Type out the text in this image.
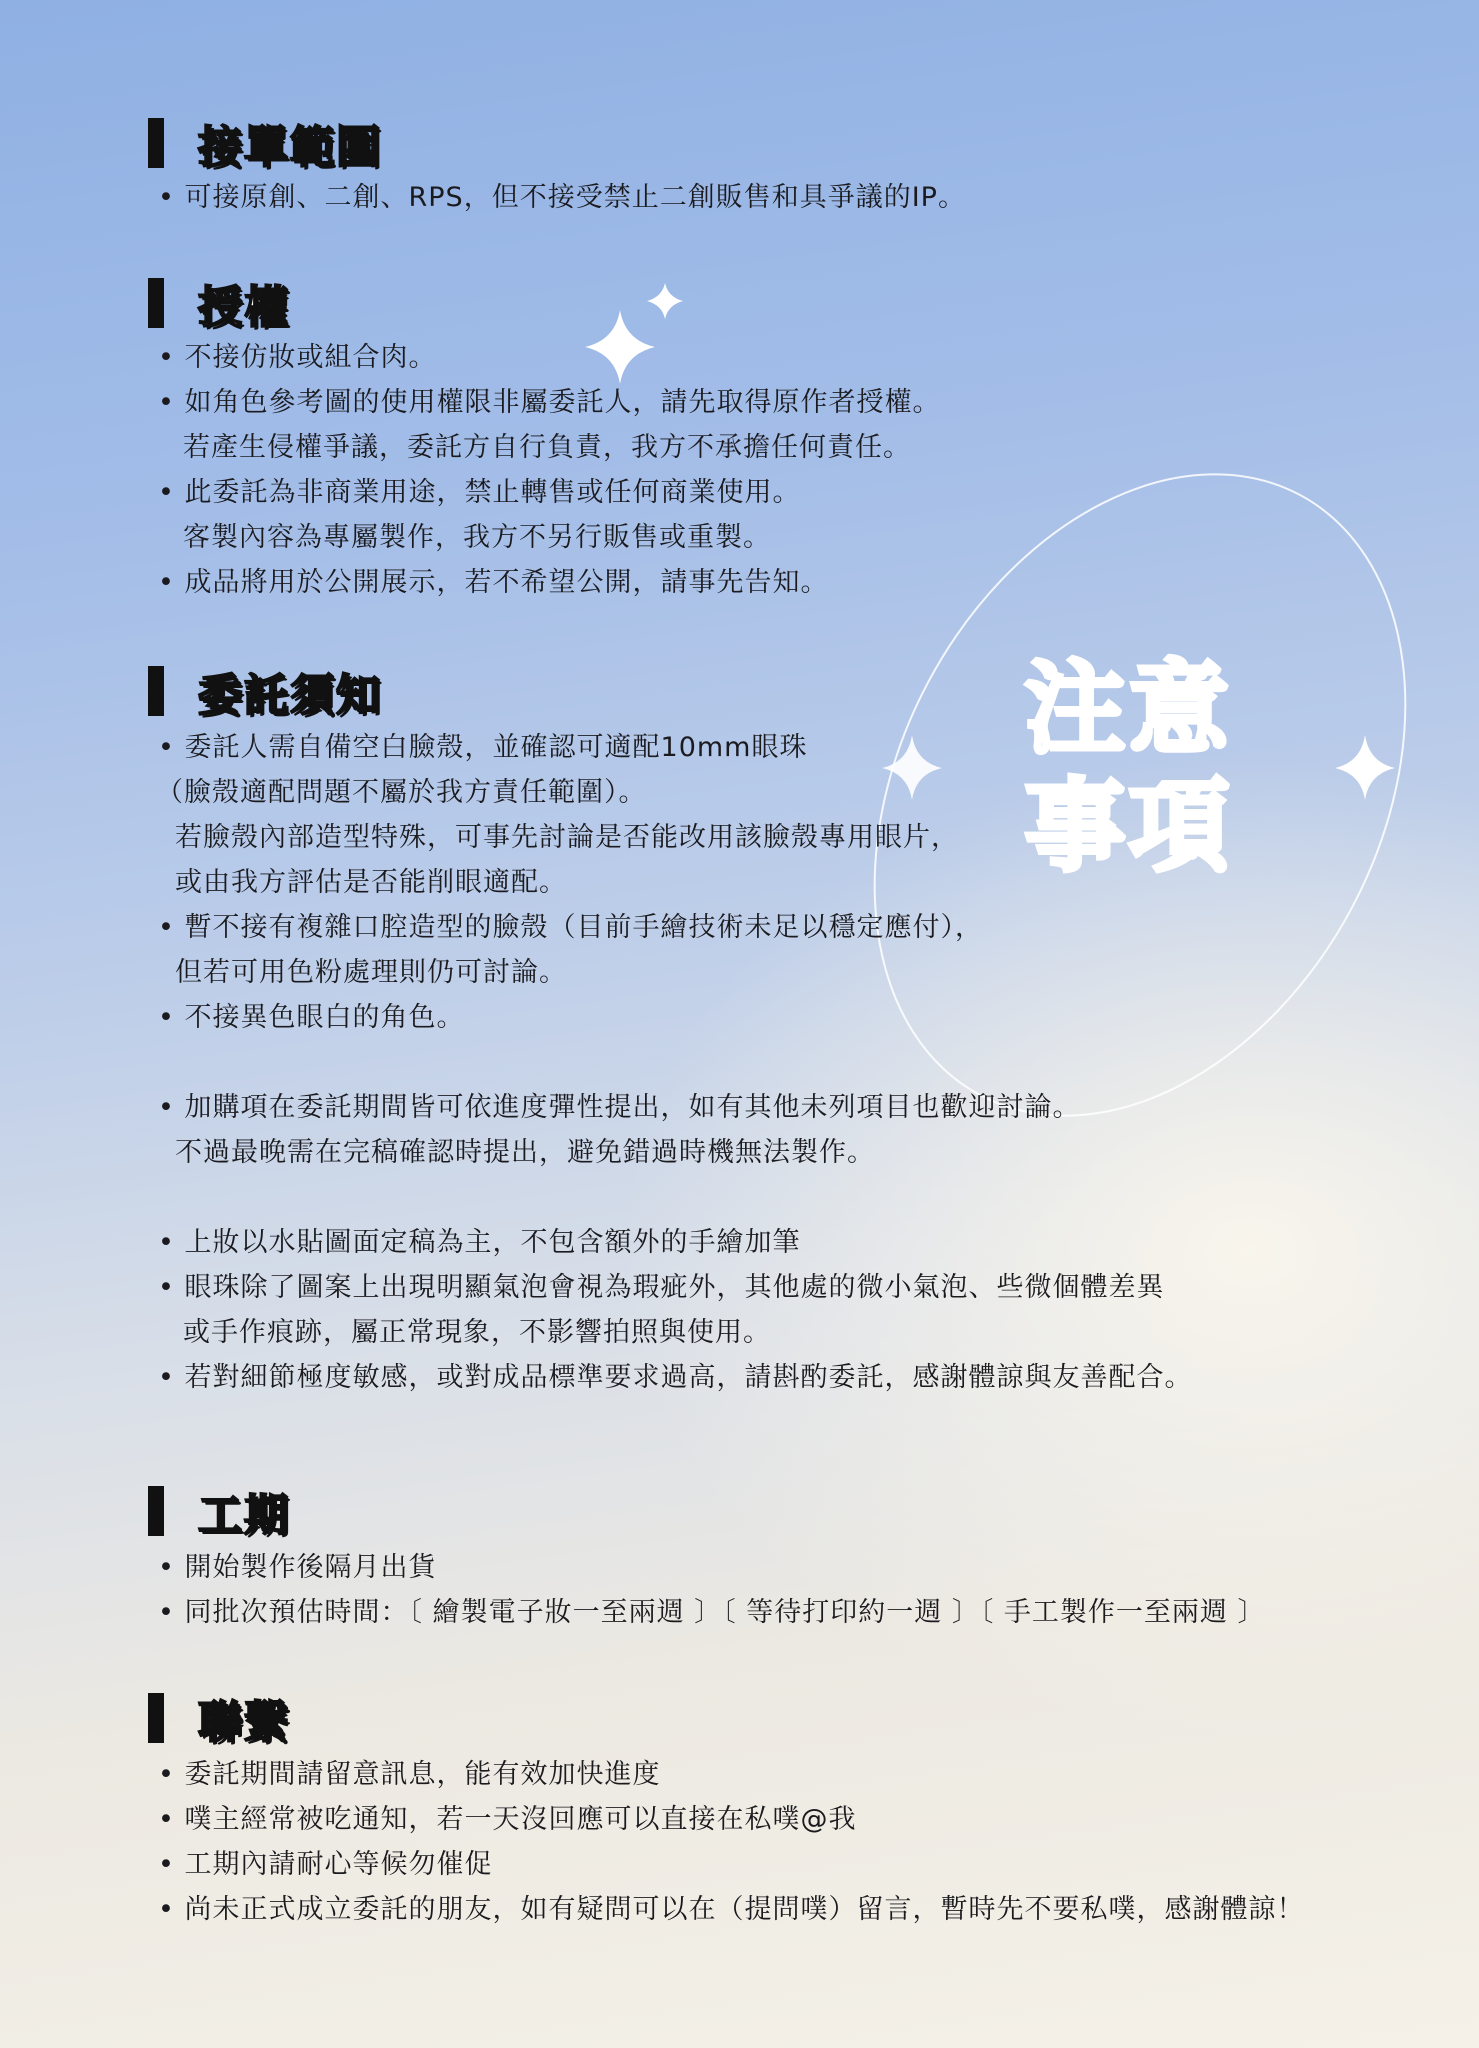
注意
事項
接單範圍
• 可接原創、二創、RPS，但不接受禁止二創販售和具爭議的IP。
授權
• 不接仿妝或組合肉。
• 如角色參考圖的使用權限非屬委託人，請先取得原作者授權。
若產生侵權爭議，委託方自行負責，我方不承擔任何責任。
• 此委託為非商業用途，禁止轉售或任何商業使用。
客製內容為專屬製作，我方不另行販售或重製。
• 成品將用於公開展示，若不希望公開，請事先告知。
委託須知
• 委託人需自備空白臉殼，並確認可適配10mm眼珠
（臉殼適配問題不屬於我方責任範圍）。
若臉殼內部造型特殊，可事先討論是否能改用該臉殼專用眼片，
或由我方評估是否能削眼適配。
• 暫不接有複雜口腔造型的臉殼（目前手繪技術未足以穩定應付），
但若可用色粉處理則仍可討論。
• 不接異色眼白的角色。
• 加購項在委託期間皆可依進度彈性提出，如有其他未列項目也歡迎討論。
不過最晚需在完稿確認時提出，避免錯過時機無法製作。
• 上妝以水貼圖面定稿為主，不包含額外的手繪加筆
• 眼珠除了圖案上出現明顯氣泡會視為瑕疵外，其他處的微小氣泡、些微個體差異
或手作痕跡，屬正常現象，不影響拍照與使用。
• 若對細節極度敏感，或對成品標準要求過高，請斟酌委託，感謝體諒與友善配合。
工期
• 開始製作後隔月出貨
• 同批次預估時間：〔 繪製電子妝一至兩週 〕〔 等待打印約一週 〕〔 手工製作一至兩週 〕
聯繫
• 委託期間請留意訊息，能有效加快進度
• 噗主經常被吃通知，若一天沒回應可以直接在私噗@我
• 工期內請耐心等候勿催促
• 尚未正式成立委託的朋友，如有疑問可以在（提問噗）留言，暫時先不要私噗，感謝體諒！
